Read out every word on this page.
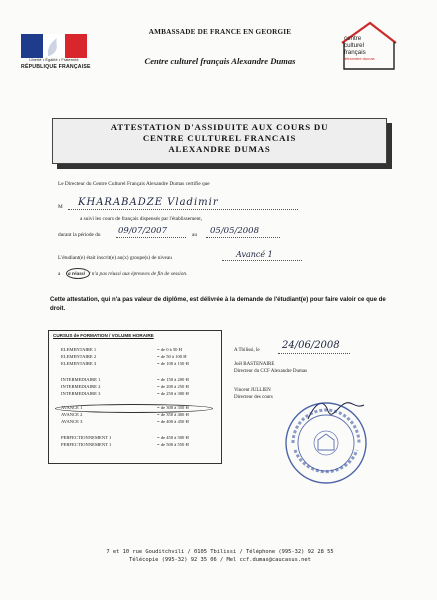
Liberté • Égalité • Fraternité
RÉPUBLIQUE FRANÇAISE
AMBASSADE DE FRANCE EN GEORGIE
Centre culturel français Alexandre Dumas
centre
culturel
français
alexandre dumas
ATTESTATION D'ASSIDUITE AUX COURS DU
CENTRE CULTUREL FRANCAIS
ALEXANDRE DUMAS
Le Directeur du Centre Culturel Français Alexandre Dumas certifie que
M KHARABADZE Vladimir
a suivi les cours de français dispensés par l'établissement,
durant la période du 09/07/2007	au 05/05/2008
L'étudiant(e) était inscrit(e) au(x) groupe(s) de niveau	Avancé 1
a a réussi / n'a pas réussi aux épreuves de fin de session.
Cette attestation, qui n'a pas valeur de diplôme, est délivrée à la demande de l'étudiant(e) pour faire valoir ce que de droit.
CURSUS de FORMATION / VOLUME HORAIRE
ELEMENTAIRE 1	= de 0 à 50 H
ELEMENTAIRE 2	= de 50 à 100 H
ELEMENTAIRE 3	= de 100 à 150 H
INTERMEDIAIRE 1	= de 150 à 200 H
INTERMEDIAIRE 2	= de 200 à 250 H
INTERMEDIAIRE 3	= de 250 à 300 H
AVANCE 1	= de 300 à 350 H
AVANCE 2	= de 350 à 400 H
AVANCE 3	= de 400 à 450 H
PERFECTIONNEMENT 1	= de 450 à 500 H
PERFECTIONNEMENT 1	= de 500 à 550 H
A Tbilissi, le 24/06/2008
Joël BASTENAIRE
Directeur du CCF Alexandre Dumas
Vincent JULLIEN
Directeur des cours
7 et 10 rue Gouditchvili / 0105 Tbilissi / Téléphone (995-32) 92 28 55
Télécopie (995-32) 92 35 06 / Mel ccf.dumas@caucasus.net
